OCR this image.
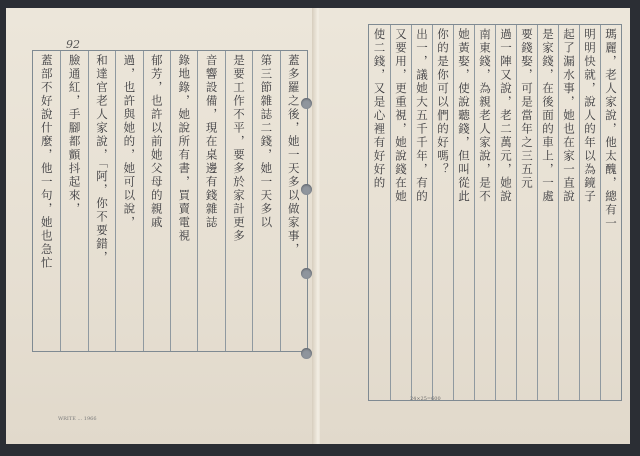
92
蓋部不好說什麼，他一句，她也急忙 臉通紅，手腳都顫抖起來， 和達官老人家說，「阿，你不要錯， 過，也許與她的，她可以說， 郁芳，也許以前她父母的親戚 錄地錄，她說所有書，買賣電視 音響設備，現在桌邊有錢雜誌 是要工作不平，要多於家計更多 第三節雜誌二錢，她一天多以 蓋多羅之後，她一天多以做家事，
WRITE ... 1966
使二錢，又是心裡有好好的 又要用，更重視，她說錢在她 出一，議她大五千千年，有的 你的是你可以們的好嗎？ 她黃娶，使說聽錢，但叫從此 南東錢，為親老人家說，是不 過一陣又說，老二萬元，她說 要錢娶，可是當年之三五元 是家錢，在後面的車上，一處 起了漏水事，她也在家一直說 明明快就，說人的年以為鏡子 瑪麗，老人家說，他太醜，總有一
24×25=600
